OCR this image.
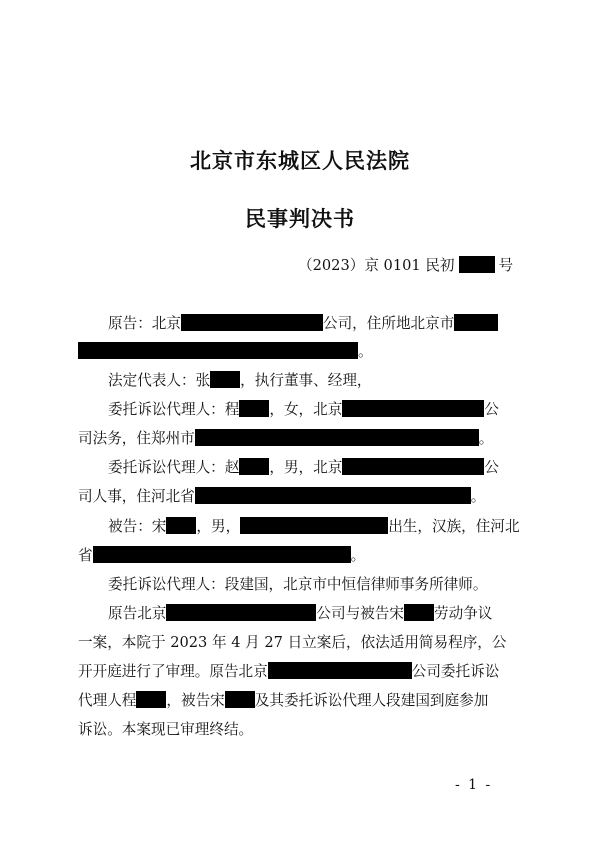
北京市东城区人民法院
民事判决书
（2023）京 0101 民初	号
原告：北京	公司，住所地北京市
。
法定代表人：张 ，执行董事、经理，
委托诉讼代理人：程 ，女，北京	公
司法务，住郑州市	。
委托诉讼代理人：赵 ，男，北京	公
司人事，住河北省	。
被告：宋 ，男，	出生，汉族，住河北
省	。
委托诉讼代理人：段建国，北京市中恒信律师事务所律师。
原告北京	公司与被告宋 劳动争议
一案，本院于 2023 年 4 月 27 日立案后，依法适用简易程序，公
开开庭进行了审理。原告北京	公司委托诉讼
代理人程 ，被告宋 及其委托诉讼代理人段建国到庭参加
诉讼。本案现已审理终结。
- 1 -
